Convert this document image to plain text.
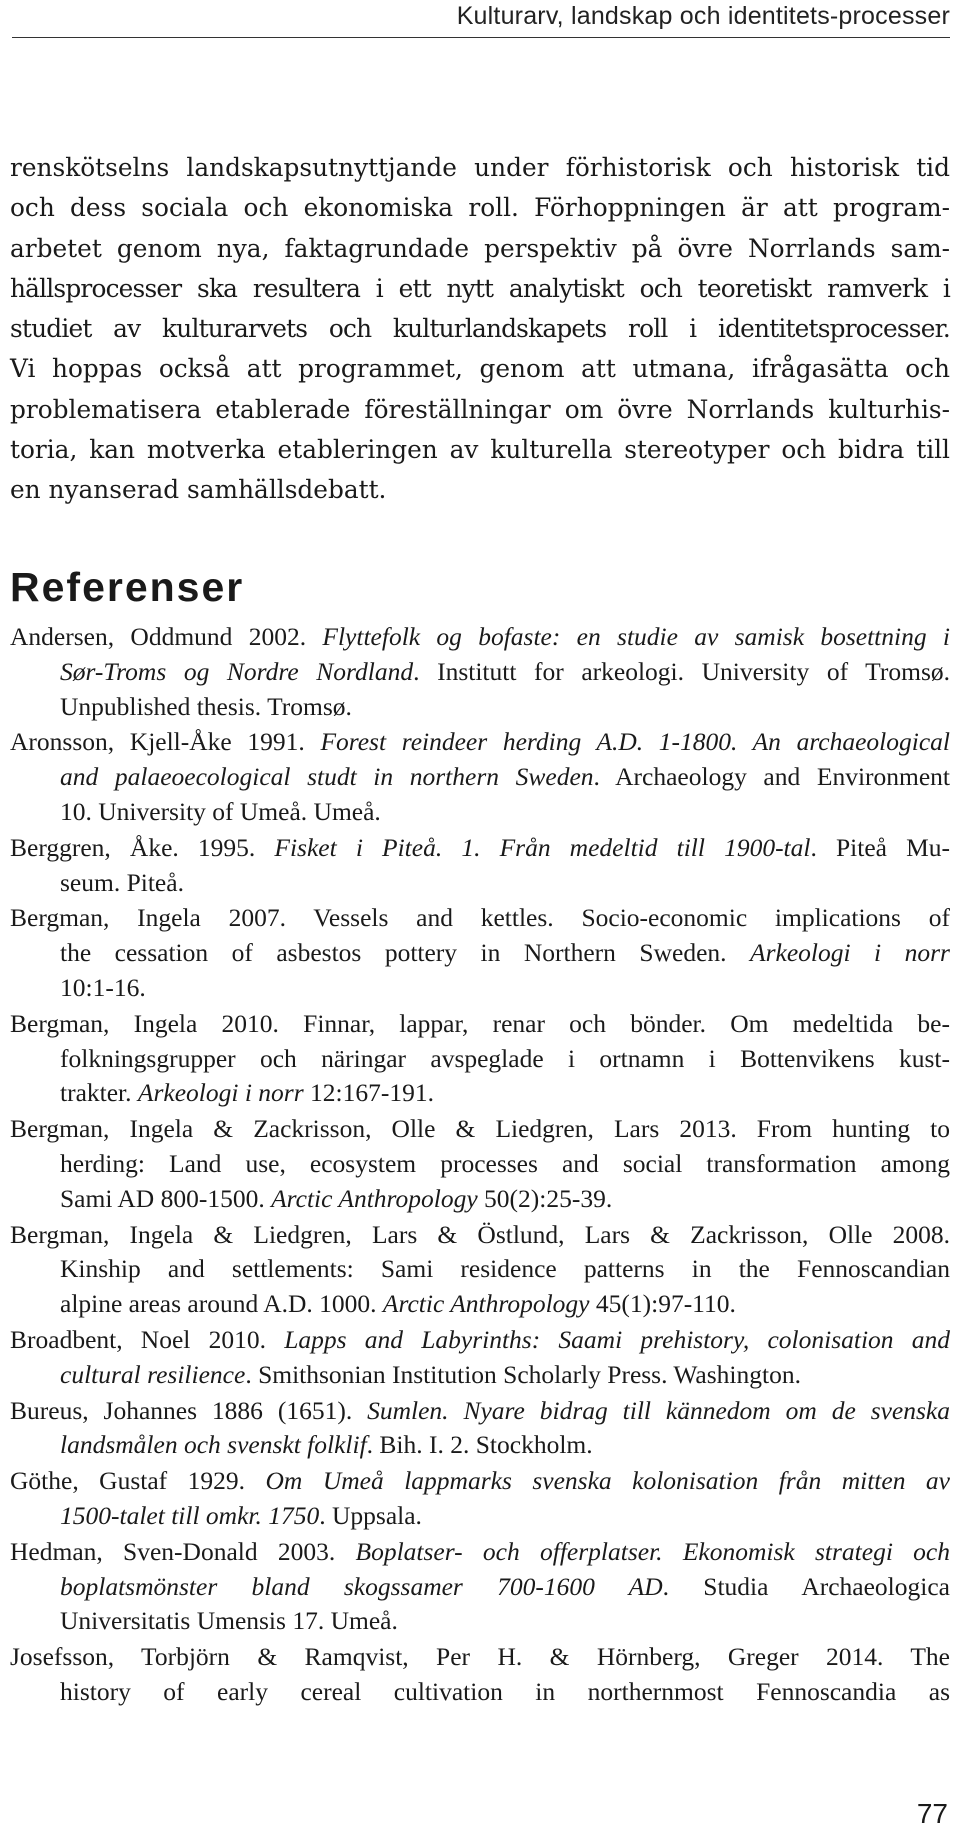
Kulturarv, landskap och identitets-processer
renskötselns landskapsutnyttjande under förhistorisk och historisk tid
och dess sociala och ekonomiska roll. Förhoppningen är att program-
arbetet genom nya, faktagrundade perspektiv på övre Norrlands sam-
hällsprocesser ska resultera i ett nytt analytiskt och teoretiskt ramverk i
studiet av kulturarvets och kulturlandskapets roll i identitetsprocesser.
Vi hoppas också att programmet, genom att utmana, ifrågasätta och
problematisera etablerade föreställningar om övre Norrlands kulturhis-
toria, kan motverka etableringen av kulturella stereotyper och bidra till
en nyanserad samhällsdebatt.
Referenser
Andersen, Oddmund 2002. Flyttefolk og bofaste: en studie av samisk bosettning i
Sør-Troms og Nordre Nordland. Institutt for arkeologi. University of Tromsø.
Unpublished thesis. Tromsø.
Aronsson, Kjell-Åke 1991. Forest reindeer herding A.D. 1-1800. An archaeological
and palaeoecological studt in northern Sweden. Archaeology and Environment
10. University of Umeå. Umeå.
Berggren, Åke. 1995. Fisket i Piteå. 1. Från medeltid till 1900-tal. Piteå Mu-
seum. Piteå.
Bergman, Ingela 2007. Vessels and kettles. Socio-economic implications of
the cessation of asbestos pottery in Northern Sweden. Arkeologi i norr
10:1-16.
Bergman, Ingela 2010. Finnar, lappar, renar och bönder. Om medeltida be-
folkningsgrupper och näringar avspeglade i ortnamn i Bottenvikens kust-
trakter. Arkeologi i norr 12:167-191.
Bergman, Ingela & Zackrisson, Olle & Liedgren, Lars 2013. From hunting to
herding: Land use, ecosystem processes and social transformation among
Sami AD 800-1500. Arctic Anthropology 50(2):25-39.
Bergman, Ingela & Liedgren, Lars & Östlund, Lars & Zackrisson, Olle 2008.
Kinship and settlements: Sami residence patterns in the Fennoscandian
alpine areas around A.D. 1000. Arctic Anthropology 45(1):97-110.
Broadbent, Noel 2010. Lapps and Labyrinths: Saami prehistory, colonisation and
cultural resilience. Smithsonian Institution Scholarly Press. Washington.
Bureus, Johannes 1886 (1651). Sumlen. Nyare bidrag till kännedom om de svenska
landsmålen och svenskt folklif. Bih. I. 2. Stockholm.
Göthe, Gustaf 1929. Om Umeå lappmarks svenska kolonisation från mitten av
1500-talet till omkr. 1750. Uppsala.
Hedman, Sven-Donald 2003. Boplatser- och offerplatser. Ekonomisk strategi och
boplatsmönster bland skogssamer 700-1600 AD. Studia Archaeologica
Universitatis Umensis 17. Umeå.
Josefsson, Torbjörn & Ramqvist, Per H. & Hörnberg, Greger 2014. The
history of early cereal cultivation in northernmost Fennoscandia as
77
